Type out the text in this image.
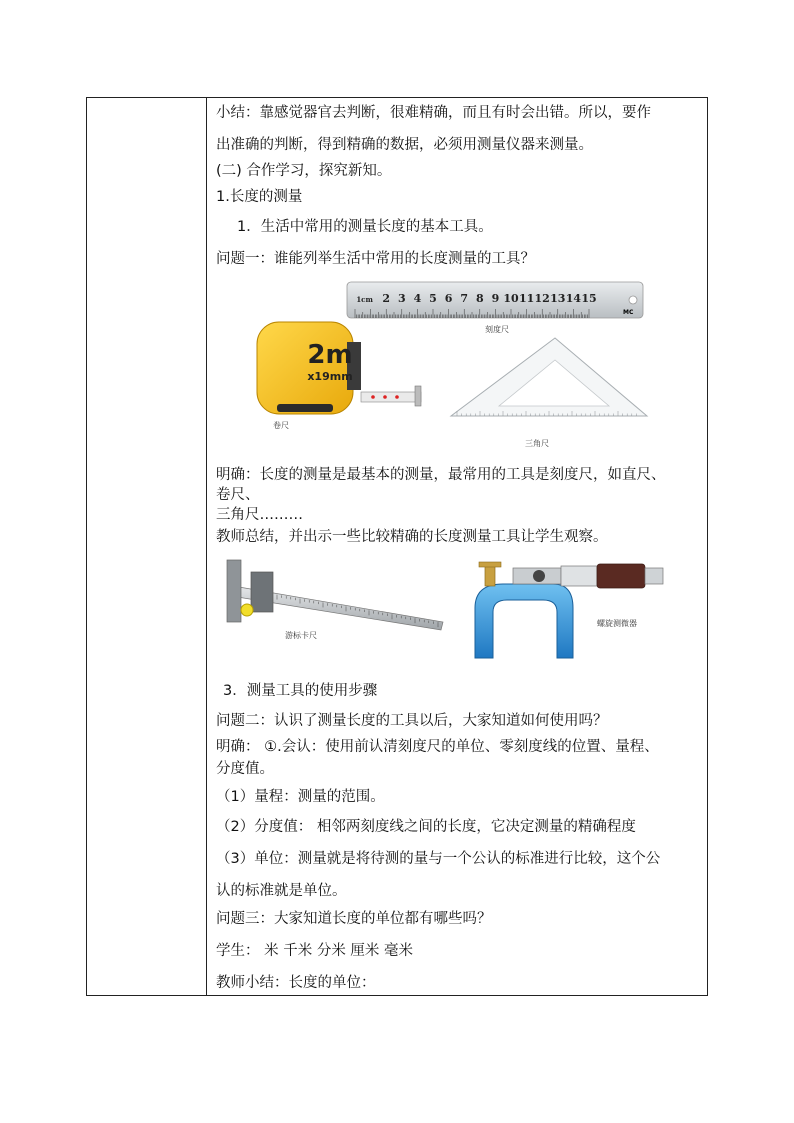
小结：靠感觉器官去判断，很难精确，而且有时会出错。所以，要作
出准确的判断，得到精确的数据，必须用测量仪器来测量。
(二) 合作学习，探究新知。
1.长度的测量
1．生活中常用的测量长度的基本工具。
问题一：谁能列举生活中常用的长度测量的工具？
1cm 2 3 4 5 6 7 8 9 10 11 12 13 14 15
MC
2m
x19mm
刻度尺
卷尺
三角尺
明确：长度的测量是最基本的测量，最常用的工具是刻度尺，如直尺、
卷尺、
三角尺………
教师总结，并出示一些比较精确的长度测量工具让学生观察。
游标卡尺
螺旋测微器
3．测量工具的使用步骤
问题二：认识了测量长度的工具以后，大家知道如何使用吗？
明确： ①.会认：使用前认清刻度尺的单位、零刻度线的位置、量程、
分度值。
（1）量程：测量的范围。
（2）分度值： 相邻两刻度线之间的长度，它决定测量的精确程度
（3）单位：测量就是将待测的量与一个公认的标准进行比较，这个公
认的标准就是单位。
问题三：大家知道长度的单位都有哪些吗？
学生： 米 千米 分米 厘米 毫米
教师小结：长度的单位：
